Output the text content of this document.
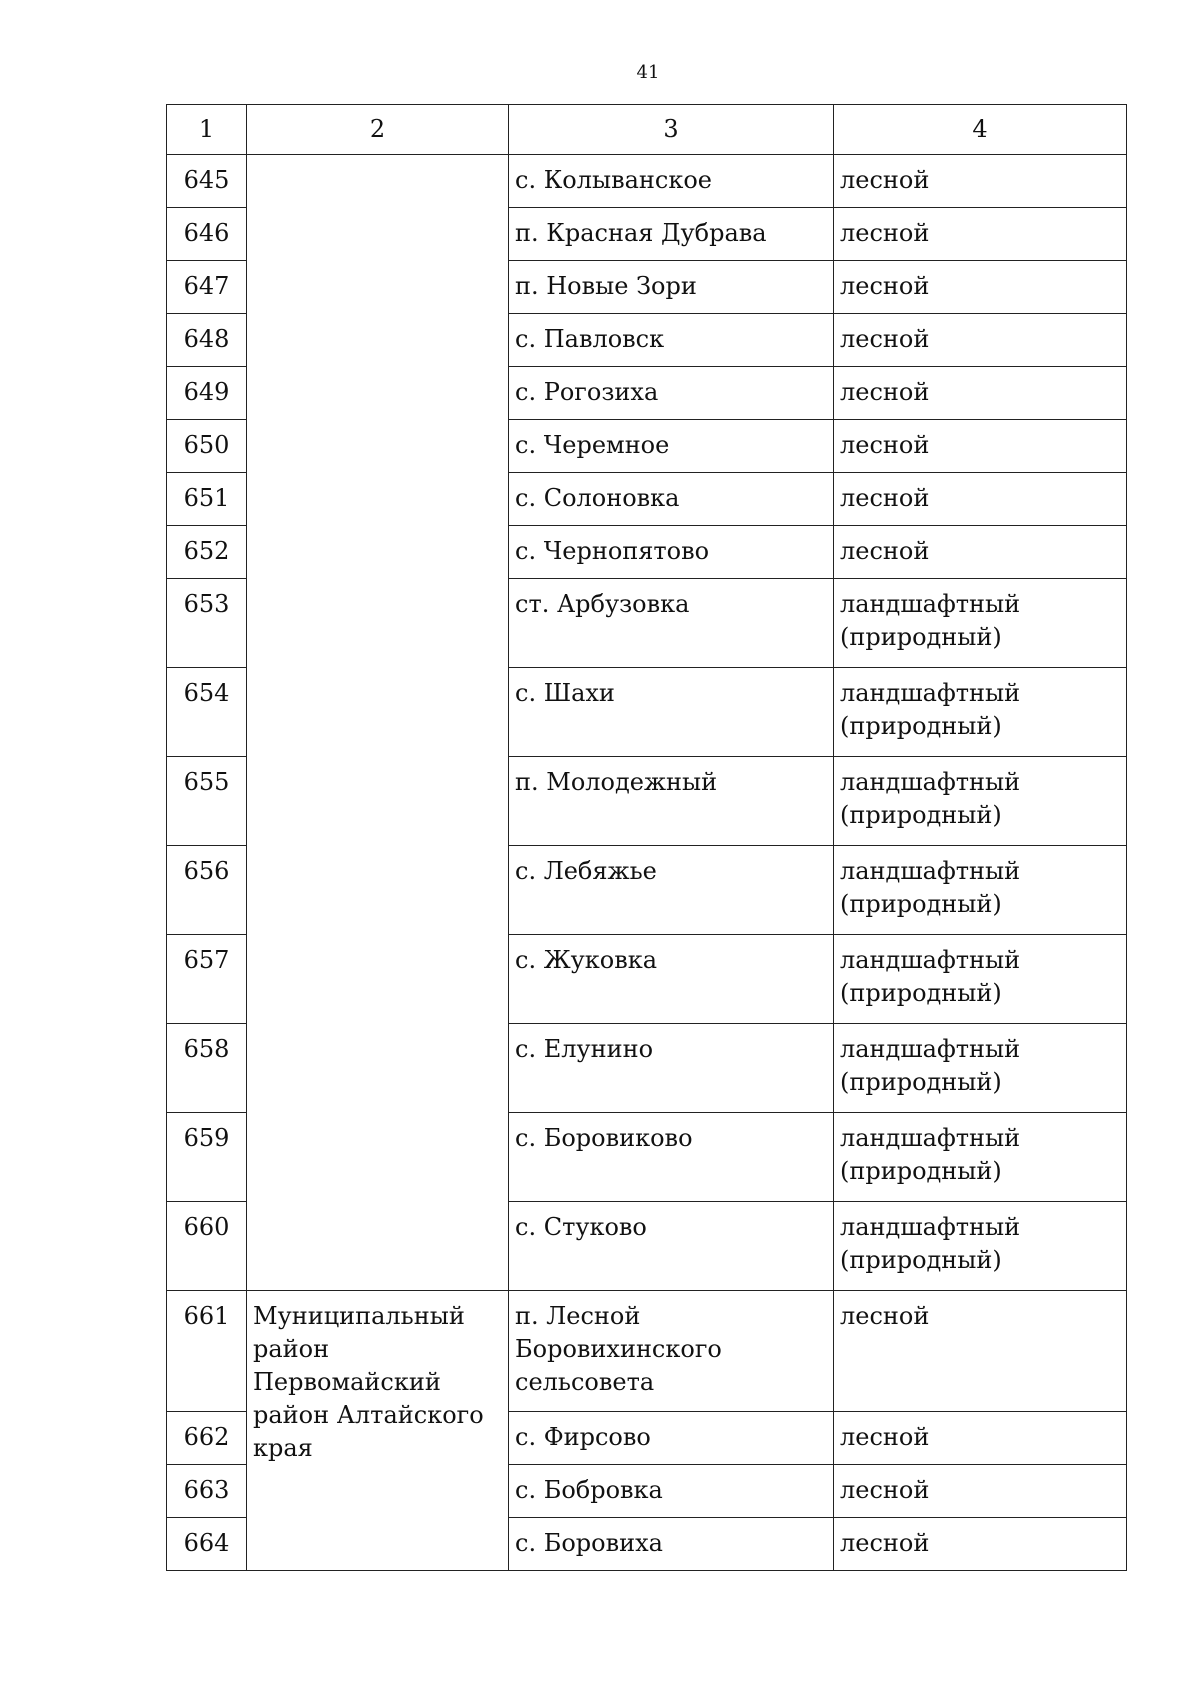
41
1	2	3	4
645		с. Колыванское	лесной
646		п. Красная Дубрава	лесной
647		п. Новые Зори	лесной
648		с. Павловск	лесной
649		с. Рогозиха	лесной
650		с. Черемное	лесной
651		с. Солоновка	лесной
652		с. Чернопятово	лесной
653		ст. Арбузовка	ландшафтный (природный)
654		с. Шахи	ландшафтный (природный)
655		п. Молодежный	ландшафтный (природный)
656		с. Лебяжье	ландшафтный (природный)
657		с. Жуковка	ландшафтный (природный)
658		с. Елунино	ландшафтный (природный)
659		с. Боровиково	ландшафтный (природный)
660		с. Стуково	ландшафтный (природный)
661	Муниципальный район Первомайский район Алтайского края	п. Лесной Боровихинского сельсовета	лесной
662		с. Фирсово	лесной
663		с. Бобровка	лесной
664		с. Боровиха	лесной
